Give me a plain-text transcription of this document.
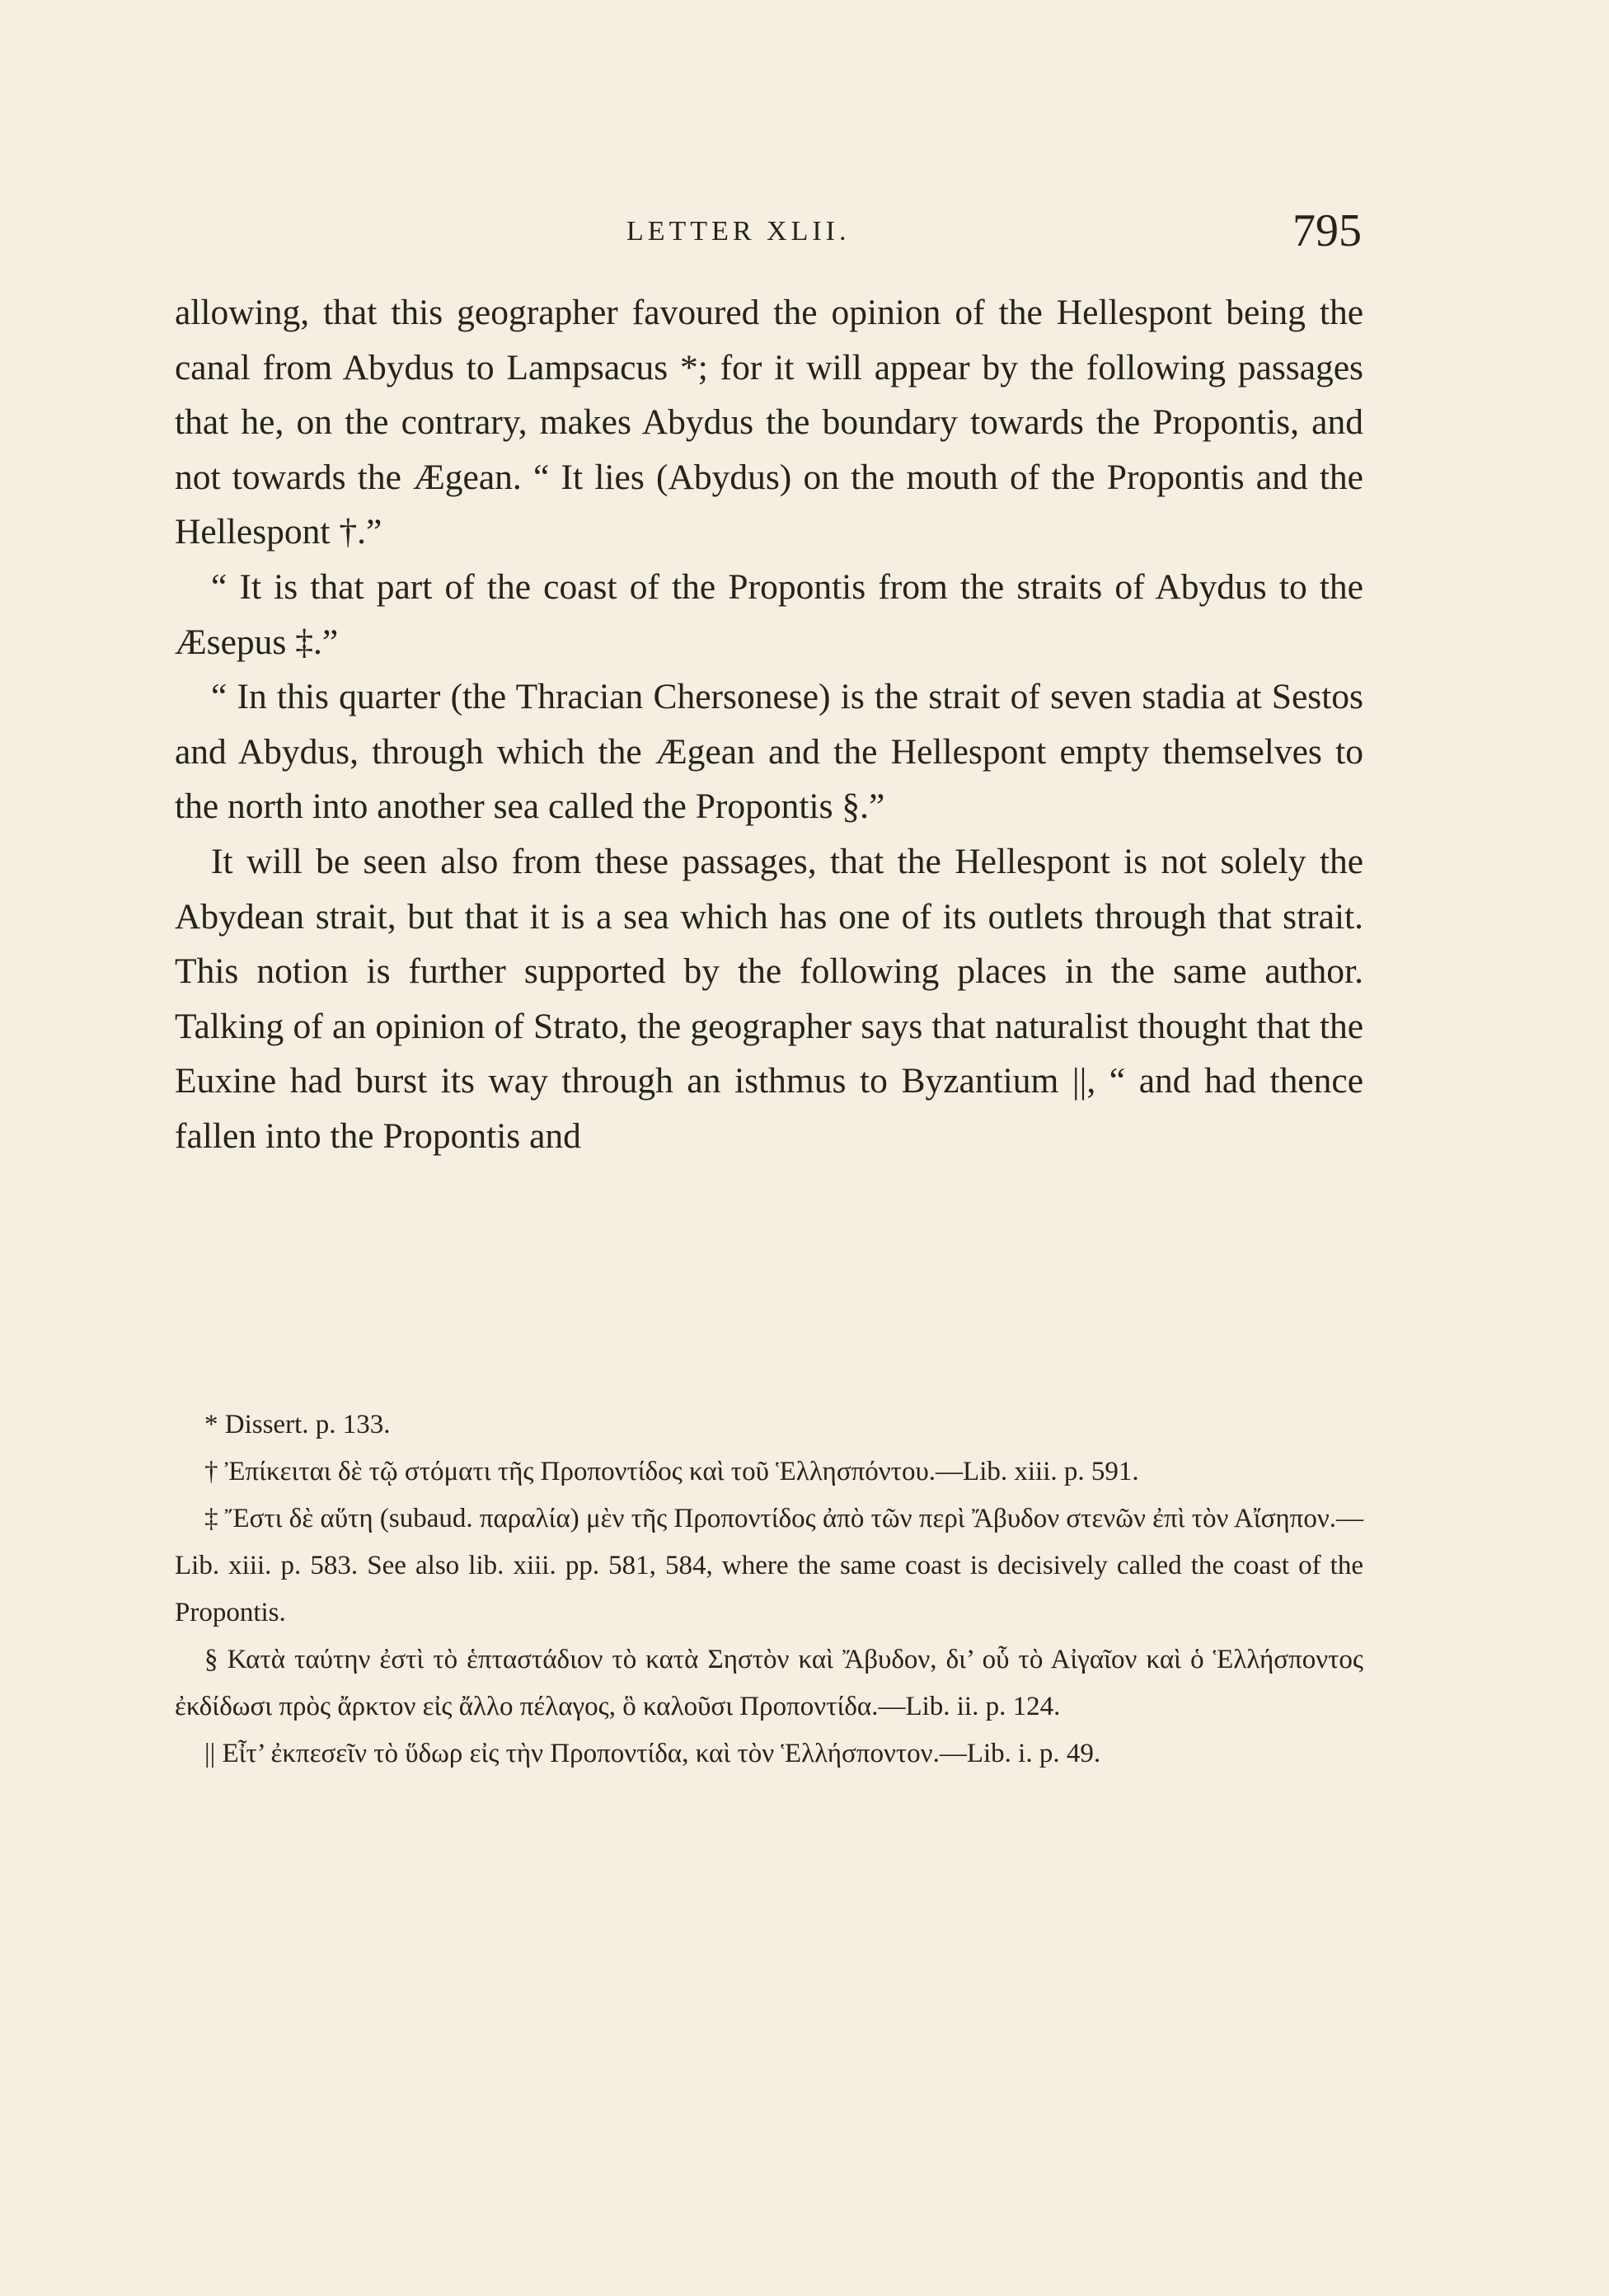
LETTER XLII.	795

allowing, that this geographer favoured the opinion of the Hellespont being the canal from Abydus to Lampsacus *; for it will appear by the following passages that he, on the contrary, makes Abydus the boundary towards the Propontis, and not towards the Ægean. “ It lies (Abydus) on the mouth of the Propontis and the Hellespont †.”

“ It is that part of the coast of the Propontis from the straits of Abydus to the Æsepus ‡.”

“ In this quarter (the Thracian Chersonese) is the strait of seven stadia at Sestos and Abydus, through which the Ægean and the Hellespont empty themselves to the north into another sea called the Propontis §.”

It will be seen also from these passages, that the Hellespont is not solely the Abydean strait, but that it is a sea which has one of its outlets through that strait. This notion is further supported by the following places in the same author. Talking of an opinion of Strato, the geographer says that naturalist thought that the Euxine had burst its way through an isthmus to Byzantium ||, “ and had thence fallen into the Propontis and

* Dissert. p. 133.

† Ἐπίκειται δὲ τῷ στόματι τῆς Προποντίδος καὶ τοῦ Ἑλλησπόντου.—Lib. xiii. p. 591.

‡ Ἔστι δὲ αὕτη (subaud. παραλία) μὲν τῆς Προποντίδος ἀπὸ τῶν περὶ Ἄβυδον στενῶν ἐπὶ τὸν Αἴσηπον.—Lib. xiii. p. 583. See also lib. xiii. pp. 581, 584, where the same coast is decisively called the coast of the Propontis.

§ Κατὰ ταύτην ἐστὶ τὸ ἑπταστάδιον τὸ κατὰ Σηστὸν καὶ Ἄβυδον, δι’ οὗ τὸ Αἰγαῖον καὶ ὁ Ἑλλήσποντος ἐκδίδωσι πρὸς ἄρκτον εἰς ἄλλο πέλαγος, ὃ καλοῦσι Προποντίδα.—Lib. ii. p. 124.

|| Εἶτ’ ἐκπεσεῖν τὸ ὕδωρ εἰς τὴν Προποντίδα, καὶ τὸν Ἑλλήσποντον.—Lib. i. p. 49.
